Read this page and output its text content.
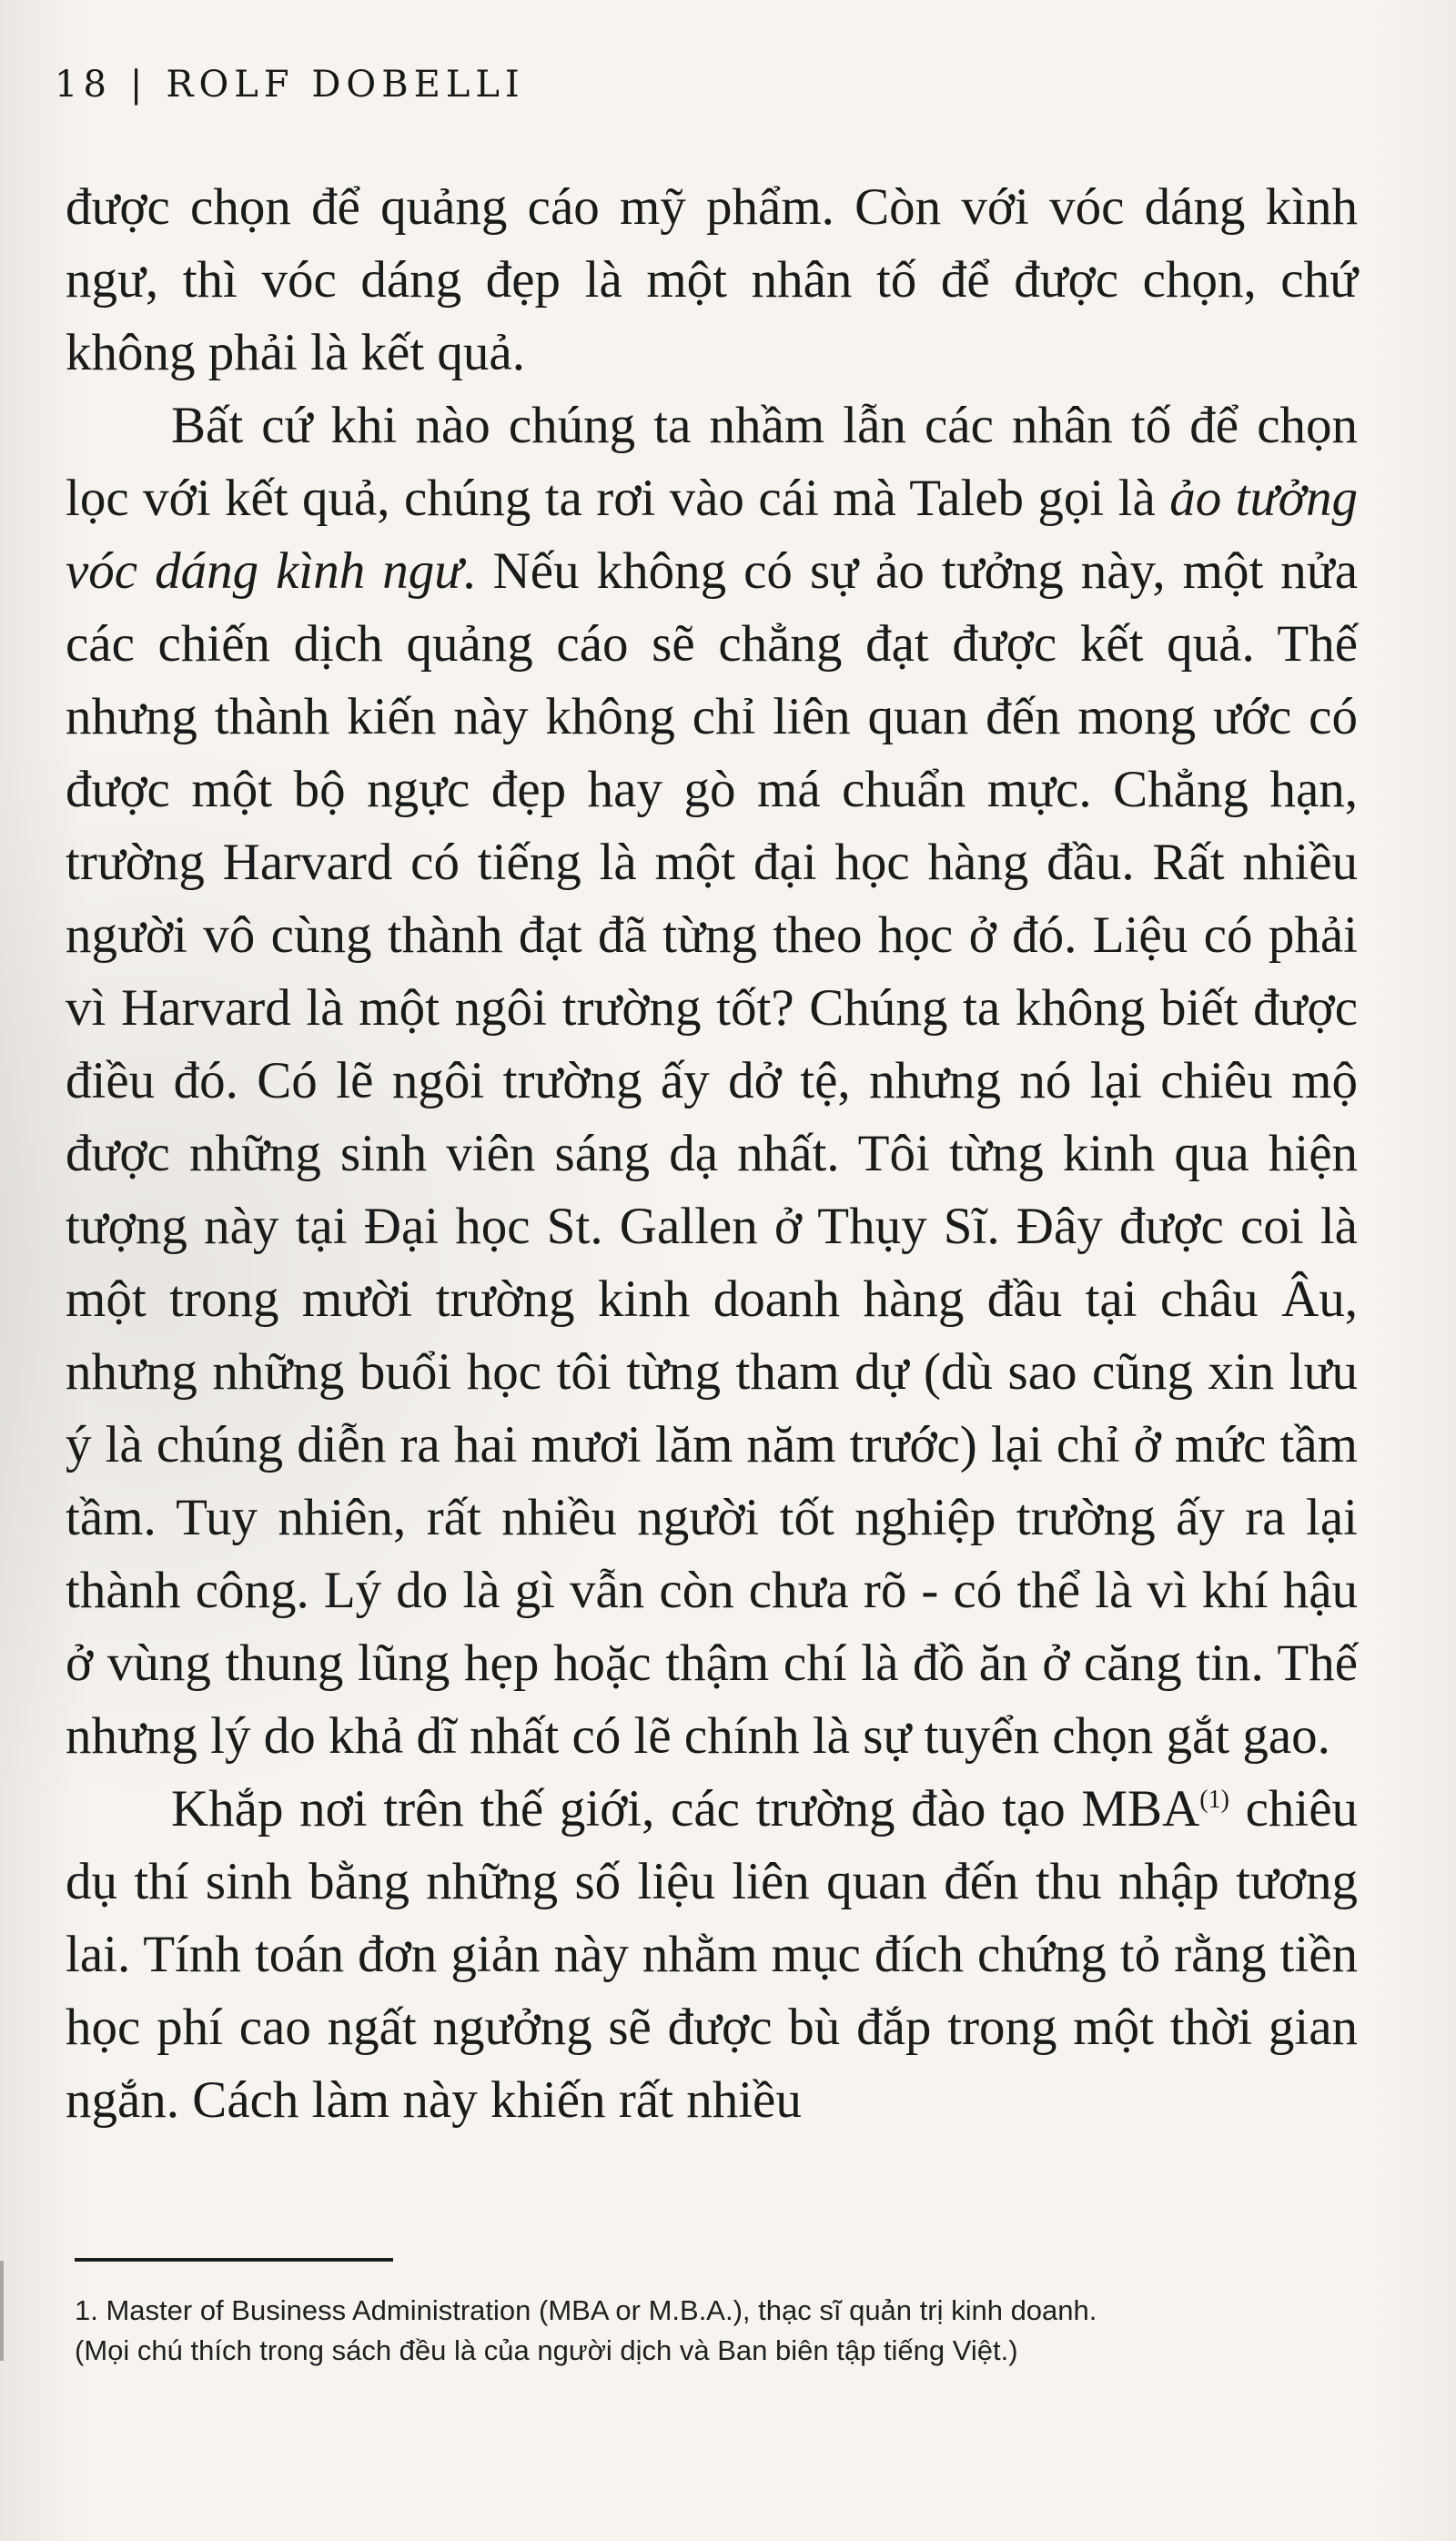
18 | ROLF DOBELLI

được chọn để quảng cáo mỹ phẩm. Còn với vóc dáng kình ngư, thì vóc dáng đẹp là một nhân tố để được chọn, chứ không phải là kết quả.

Bất cứ khi nào chúng ta nhầm lẫn các nhân tố để chọn lọc với kết quả, chúng ta rơi vào cái mà Taleb gọi là ảo tưởng vóc dáng kình ngư. Nếu không có sự ảo tưởng này, một nửa các chiến dịch quảng cáo sẽ chẳng đạt được kết quả. Thế nhưng thành kiến này không chỉ liên quan đến mong ước có được một bộ ngực đẹp hay gò má chuẩn mực. Chẳng hạn, trường Harvard có tiếng là một đại học hàng đầu. Rất nhiều người vô cùng thành đạt đã từng theo học ở đó. Liệu có phải vì Harvard là một ngôi trường tốt? Chúng ta không biết được điều đó. Có lẽ ngôi trường ấy dở tệ, nhưng nó lại chiêu mộ được những sinh viên sáng dạ nhất. Tôi từng kinh qua hiện tượng này tại Đại học St. Gallen ở Thụy Sĩ. Đây được coi là một trong mười trường kinh doanh hàng đầu tại châu Âu, nhưng những buổi học tôi từng tham dự (dù sao cũng xin lưu ý là chúng diễn ra hai mươi lăm năm trước) lại chỉ ở mức tầm tầm. Tuy nhiên, rất nhiều người tốt nghiệp trường ấy ra lại thành công. Lý do là gì vẫn còn chưa rõ - có thể là vì khí hậu ở vùng thung lũng hẹp hoặc thậm chí là đồ ăn ở căng tin. Thế nhưng lý do khả dĩ nhất có lẽ chính là sự tuyển chọn gắt gao.

Khắp nơi trên thế giới, các trường đào tạo MBA$^{(1)}$ chiêu dụ thí sinh bằng những số liệu liên quan đến thu nhập tương lai. Tính toán đơn giản này nhằm mục đích chứng tỏ rằng tiền học phí cao ngất ngưởng sẽ được bù đắp trong một thời gian ngắn. Cách làm này khiến rất nhiều

1. Master of Business Administration (MBA or M.B.A.), thạc sĩ quản trị kinh doanh.
(Mọi chú thích trong sách đều là của người dịch và Ban biên tập tiếng Việt.)
